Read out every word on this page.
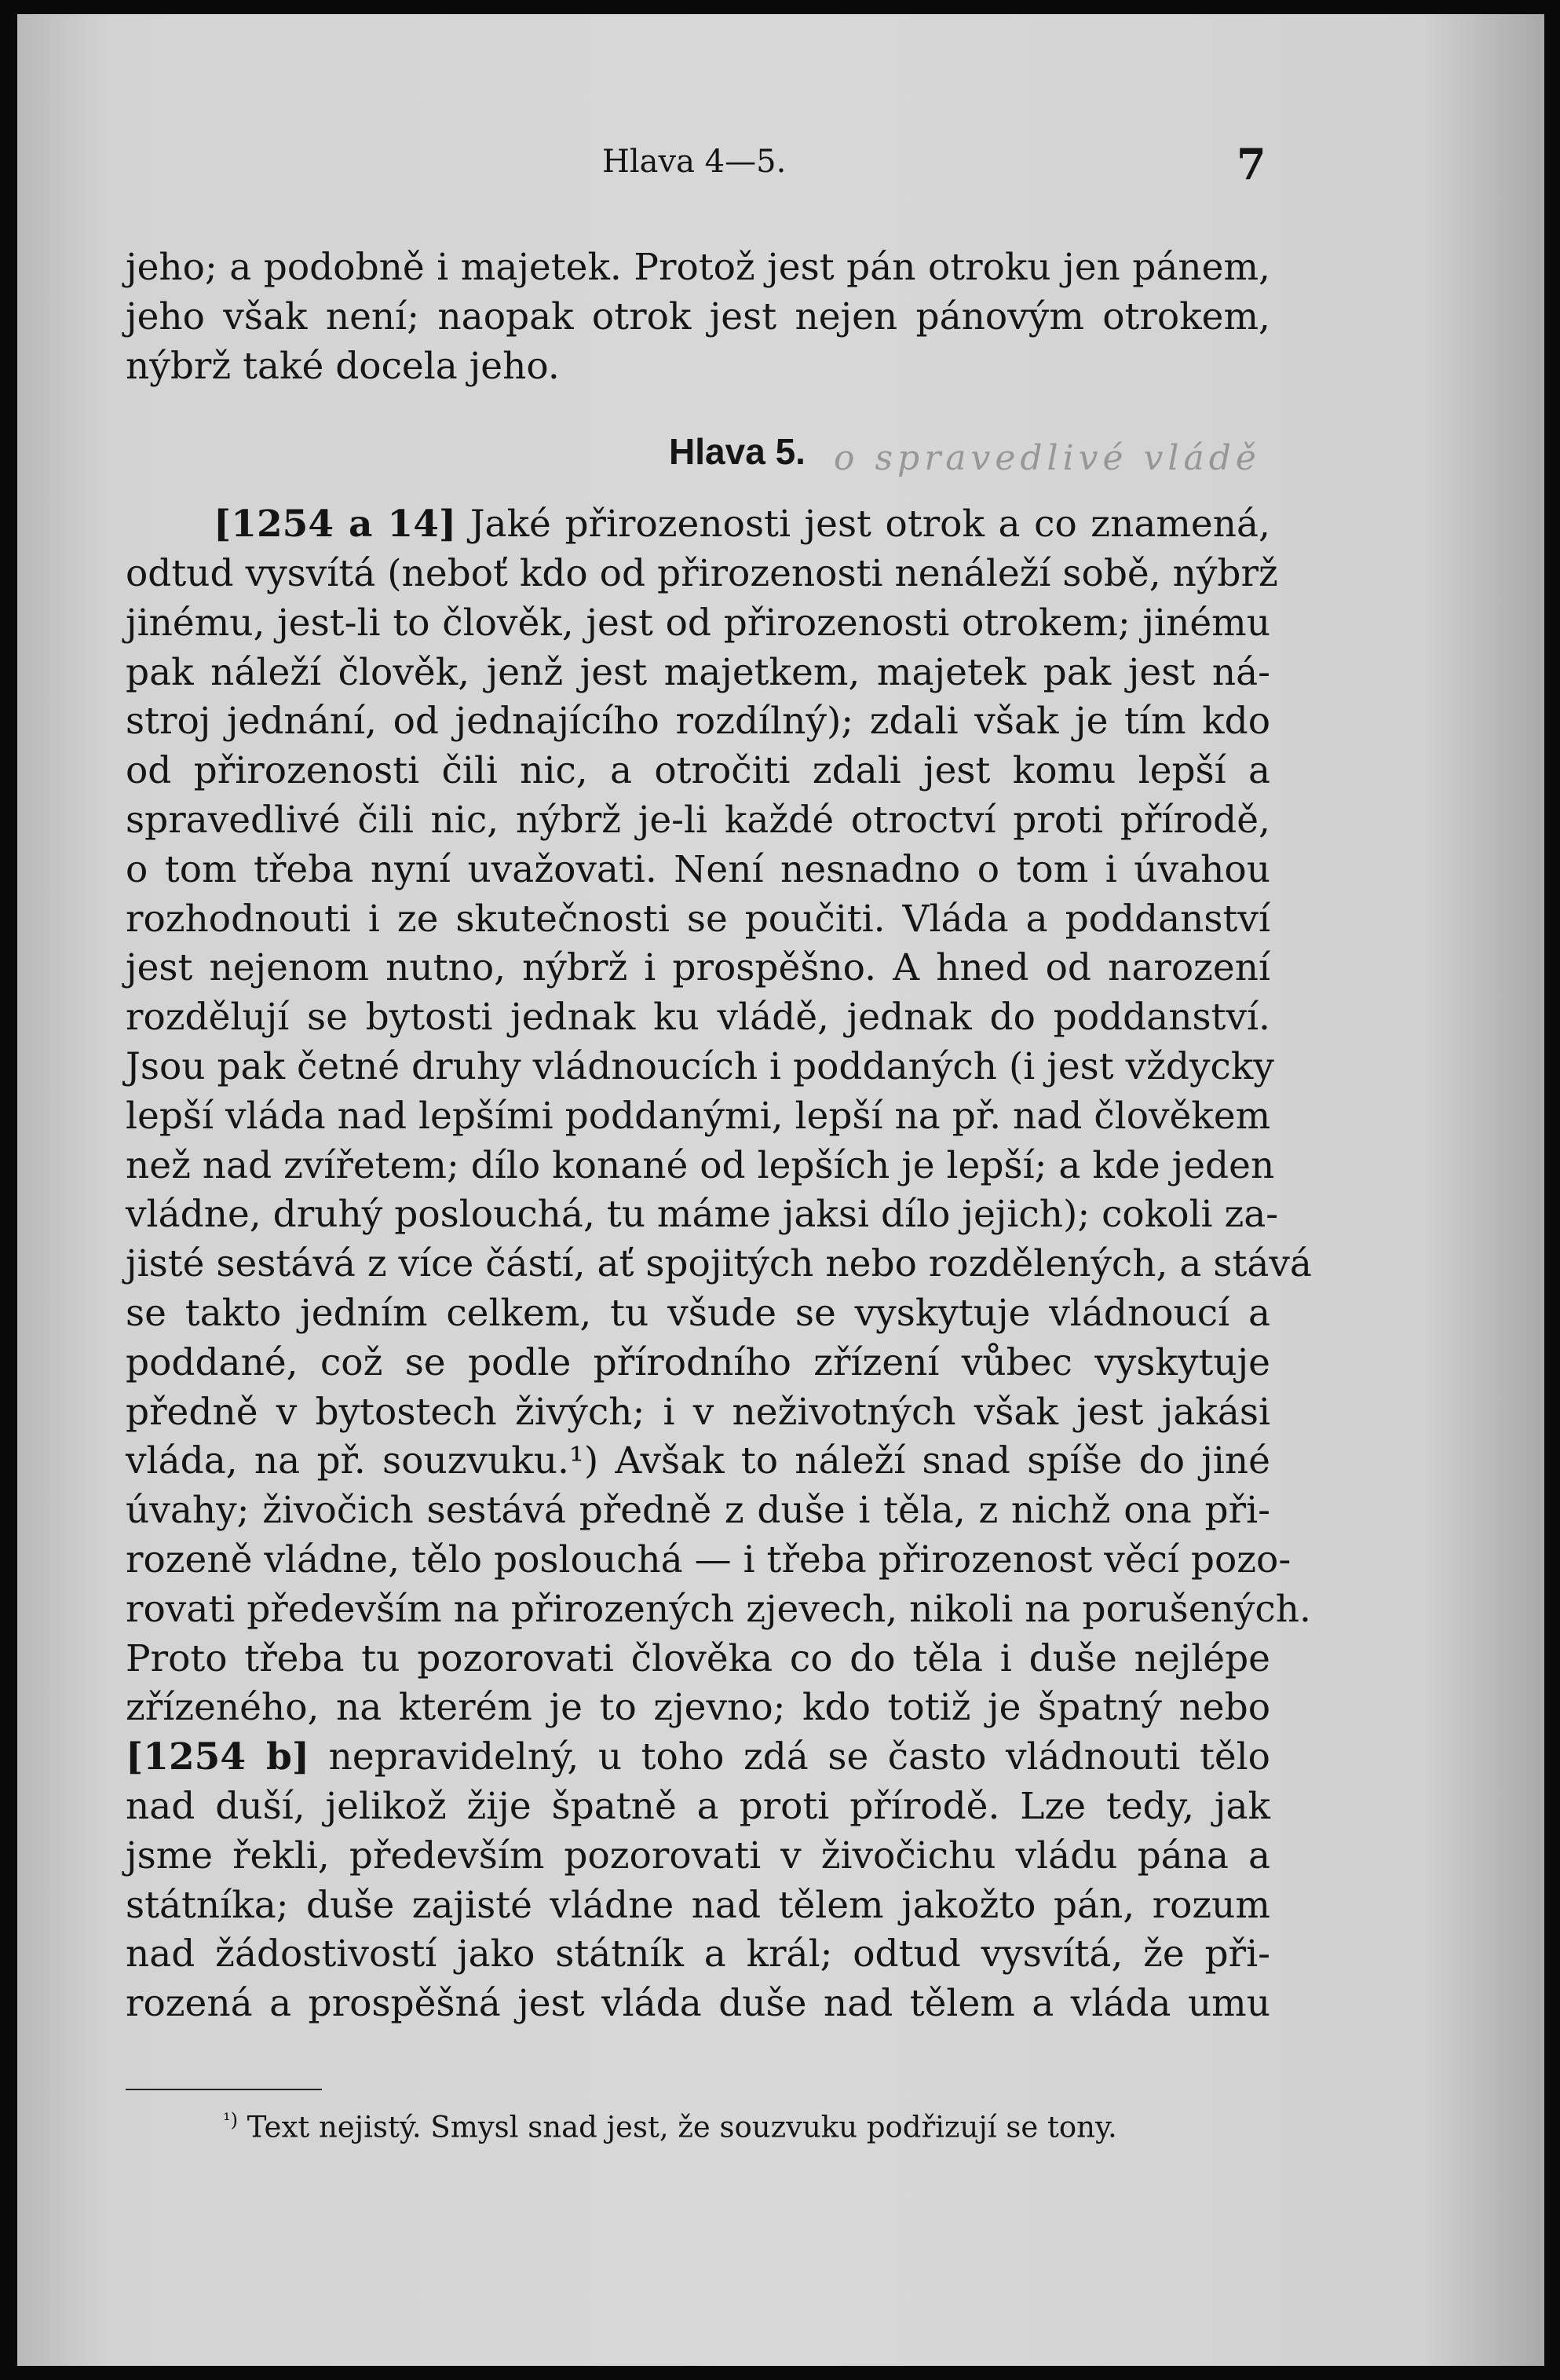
Hlava 4—5.	7
o spravedlivé vládě
jeho; a podobně i majetek. Protož jest pán otroku jen pánem,
jeho však není; naopak otrok jest nejen pánovým otrokem,
nýbrž také docela jeho.
Hlava 5.
[1254 a 14] Jaké přirozenosti jest otrok a co znamená,
odtud vysvítá (neboť kdo od přirozenosti nenáleží sobě, nýbrž
jinému, jest-li to člověk, jest od přirozenosti otrokem; jinému
pak náleží člověk, jenž jest majetkem, majetek pak jest ná-
stroj jednání, od jednajícího rozdílný); zdali však je tím kdo
od přirozenosti čili nic, a otročiti zdali jest komu lepší a
spravedlivé čili nic, nýbrž je-li každé otroctví proti přírodě,
o tom třeba nyní uvažovati. Není nesnadno o tom i úvahou
rozhodnouti i ze skutečnosti se poučiti. Vláda a poddanství
jest nejenom nutno, nýbrž i prospěšno. A hned od narození
rozdělují se bytosti jednak ku vládě, jednak do poddanství.
Jsou pak četné druhy vládnoucích i poddaných (i jest vždycky
lepší vláda nad lepšími poddanými, lepší na př. nad člověkem
než nad zvířetem; dílo konané od lepších je lepší; a kde jeden
vládne, druhý poslouchá, tu máme jaksi dílo jejich); cokoli za-
jisté sestává z více částí, ať spojitých nebo rozdělených, a stává
se takto jedním celkem, tu všude se vyskytuje vládnoucí a
poddané, což se podle přírodního zřízení vůbec vyskytuje
předně v bytostech živých; i v neživotných však jest jakási
vláda, na př. souzvuku.¹) Avšak to náleží snad spíše do jiné
úvahy; živočich sestává předně z duše i těla, z nichž ona při-
rozeně vládne, tělo poslouchá — i třeba přirozenost věcí pozo-
rovati především na přirozených zjevech, nikoli na porušených.
Proto třeba tu pozorovati člověka co do těla i duše nejlépe
zřízeného, na kterém je to zjevno; kdo totiž je špatný nebo
[1254 b] nepravidelný, u toho zdá se často vládnouti tělo
nad duší, jelikož žije špatně a proti přírodě. Lze tedy, jak
jsme řekli, především pozorovati v živočichu vládu pána a
státníka; duše zajisté vládne nad tělem jakožto pán, rozum
nad žádostivostí jako státník a král; odtud vysvítá, že při-
rozená a prospěšná jest vláda duše nad tělem a vláda umu
$^{^1)}$ Text nejistý. Smysl snad jest, že souzvuku podřizují se tony.
